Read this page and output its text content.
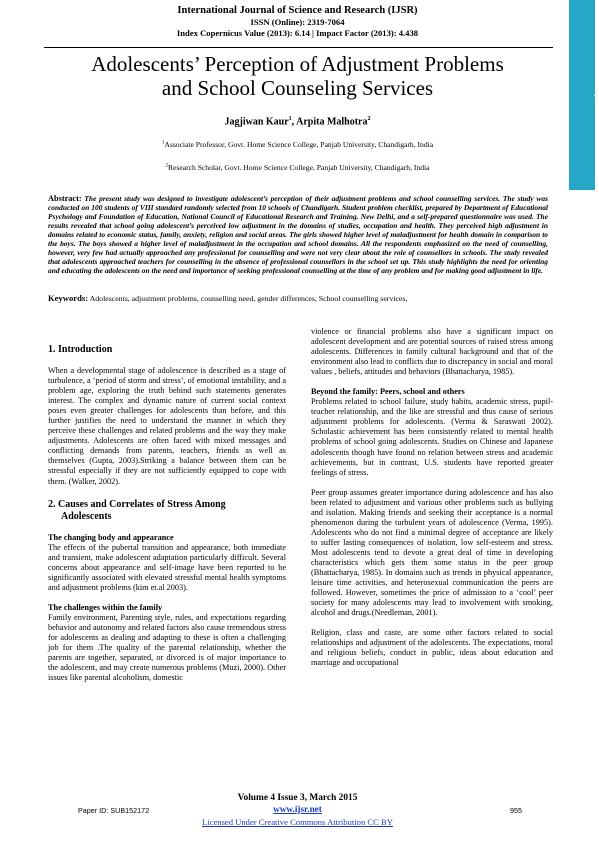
International Journal of Science and Research (IJSR)
ISSN (Online): 2319-7064
Index Copernicus Value (2013): 6.14 | Impact Factor (2013): 4.438
www.ijsr.net
Adolescents’ Perception of Adjustment Problems
and School Counseling Services
Jagjiwan Kaur$^1$, Arpita Malhotra$^2$
$^1$Associate Professor, Govt. Home Science College, Panjab University, Chandigarh, India
$^2$Research Scholar, Govt. Home Science College, Panjab University, Chandigarh, India
Abstract: The present study was designed to investigate adolescent’s perception of their adjustment problems and school counselling services. The study was conducted on 100 students of VIII standard randomly selected from 10 schools of Chandigarh. Student problem checklist, prepared by Department of Educational Psychology and Foundation of Education, National Council of Educational Research and Training. New Delhi, and a self-prepared questionnaire was used. The results revealed that school going adolescent’s perceived low adjustment in the domains of studies, occupation and health. They perceived high adjustment in domains related to economic status, family, anxiety, religion and social areas. The girls showed higher level of maladjustment for health domain in comparison to the boys. The boys showed a higher level of maladjustment in the occupation and school domains. All the respondents emphasized on the need of counselling, however, very few had actually approached any professional for counselling and were not very clear about the role of counsellors in schools. The study revealed that adolescents approached teachers for counselling in the absence of professional counsellors in the school set up. This study highlights the need for orienting and educating the adolescents on the need and importance of seeking professional counselling at the time of any problem and for making good adjustment in life.
Keywords: Adolescents, adjustment problems, counselling need, gender differences, School counselling services,

1. Introduction

When a developmental stage of adolescence is described as a stage of turbulence, a ‘period of storm and stress’, of emotional instability, and a problem age, exploring the truth behind such statements generates interest. The complex and dynamic nature of current social context poses even greater challenges for adolescents than before, and this further justifies the need to understand the manner in which they perceive these challenges and related problems and the way they make adjustments. Adolescents are often faced with mixed messages and conflicting demands from parents, teachers, friends as well as themselves (Gupta, 2003).Striking a balance between them can be stressful especially if they are not sufficiently equipped to cope with them. (Walker, 2002).

2. Causes and Correlates of Stress Among

Adolescents

The changing body and appearance

The effects of the pubertal transition and appearance, both immediate and transient, make adolescent adaptation particularly difficult. Several concerns about appearance and self-image have been reported to be significantly associated with elevated stressful mental health symptoms and adjustment problems (kim et.al 2003).

The challenges within the family

Family environment, Parenting style, rules, and expectations regarding behavior and autonomy and related factors also cause tremendous stress for adolescents as dealing and adapting to these is often a challenging job for them .The quality of the parental relationship, whether the parents are together, separated, or divorced is of major importance to the adolescent, and may create numerous problems (Muzi, 2000). Other issues like parental alcoholism, domestic

violence or financial problems also have a significant impact on adolescent development and are potential sources of raised stress among adolescents. Differences in family cultural background and that of the environment also lead to conflicts due to discrepancy in social and moral values , beliefs, attitudes and behaviors (Bhattacharya, 1985).

Beyond the family: Peers, school and others

Problems related to school failure, study habits, academic stress, pupil-teacher relationship, and the like are stressful and thus cause of serious adjustment problems for adolescents. (Verma & Saraswati 2002). Scholastic achievement has been consistently related to mental health problems of school going adolescents. Studies on Chinese and Japanese adolescents though have found no relation between stress and academic achievements, but in contrast, U.S. students have reported greater feelings of stress.

Peer group assumes greater importance during adolescence and has also been related to adjustment and various other problems such as bullying and isolation. Making friends and seeking their acceptance is a normal phenomenon during the turbulent years of adolescence (Verma, 1995). Adolescents who do not find a minimal degree of acceptance are likely to suffer lasting consequences of isolation, low self-esteem and stress. Most adolescents tend to devote a great deal of time in developing characteristics which gets them some status in the peer group (Bhattacharya, 1985). In domains such as trends in physical appearance, leisure time activities, and heterosexual communication the peers are followed. However, sometimes the price of admission to a ‘cool’ peer society for many adolescents may lead to involvement with smoking, alcohol and drugs.(Needleman, 2001).

Religion, class and caste, are some other factors related to social relationships and adjustment of the adolescents. The expectations, moral and religious beliefs, conduct in public, ideas about education and marriage and occupational

Volume 4 Issue 3, March 2015
Paper ID: SUB152172	www.ijsr.net	955
Licensed Under Creative Commons Attribution CC BY
